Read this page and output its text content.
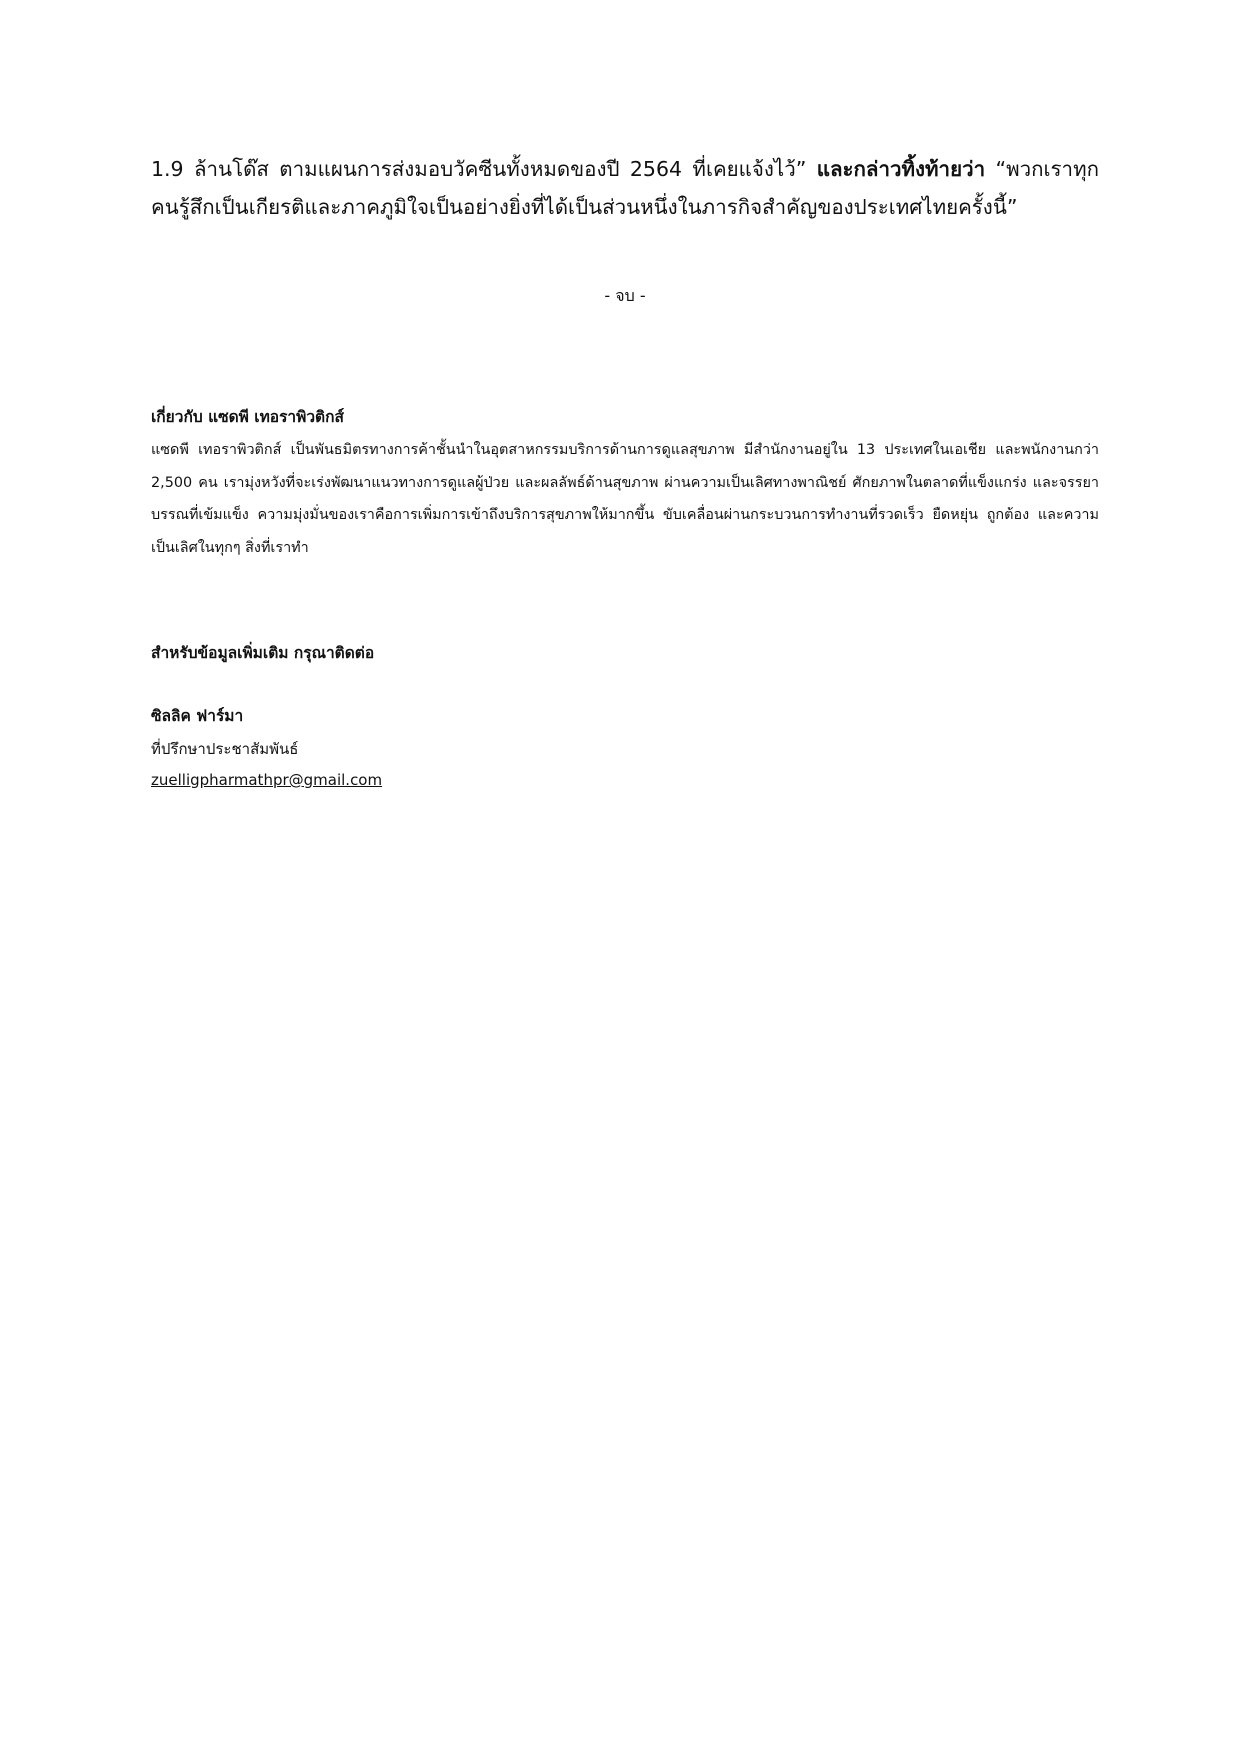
1.9 ล้านโด๊ส ตามแผนการส่งมอบวัคซีนทั้งหมดของปี 2564 ที่เคยแจ้งไว้” และกล่าวทิ้งท้ายว่า “พวกเราทุกคนรู้สึกเป็นเกียรติและภาคภูมิใจเป็นอย่างยิ่งที่ได้เป็นส่วนหนึ่งในภารกิจสำคัญของประเทศไทยครั้งนี้”

- จบ -

เกี่ยวกับ แซดพี เทอราพิวติกส์

แซดพี เทอราพิวติกส์ เป็นพันธมิตรทางการค้าชั้นนำในอุตสาหกรรมบริการด้านการดูแลสุขภาพ มีสำนักงานอยู่ใน 13 ประเทศในเอเชีย และพนักงานกว่า 2,500 คน เรามุ่งหวังที่จะเร่งพัฒนาแนวทางการดูแลผู้ป่วย และผลลัพธ์ด้านสุขภาพ ผ่านความเป็นเลิศทางพาณิชย์ ศักยภาพในตลาดที่แข็งแกร่ง และจรรยาบรรณที่เข้มแข็ง ความมุ่งมั่นของเราคือการเพิ่มการเข้าถึงบริการสุขภาพให้มากขึ้น ขับเคลื่อนผ่านกระบวนการทำงานที่รวดเร็ว ยืดหยุ่น ถูกต้อง และความเป็นเลิศในทุกๆ สิ่งที่เราทำ

สำหรับข้อมูลเพิ่มเติม กรุณาติดต่อ

ซิลลิค ฟาร์มา

ที่ปรึกษาประชาสัมพันธ์

zuelligpharmathpr@gmail.com
